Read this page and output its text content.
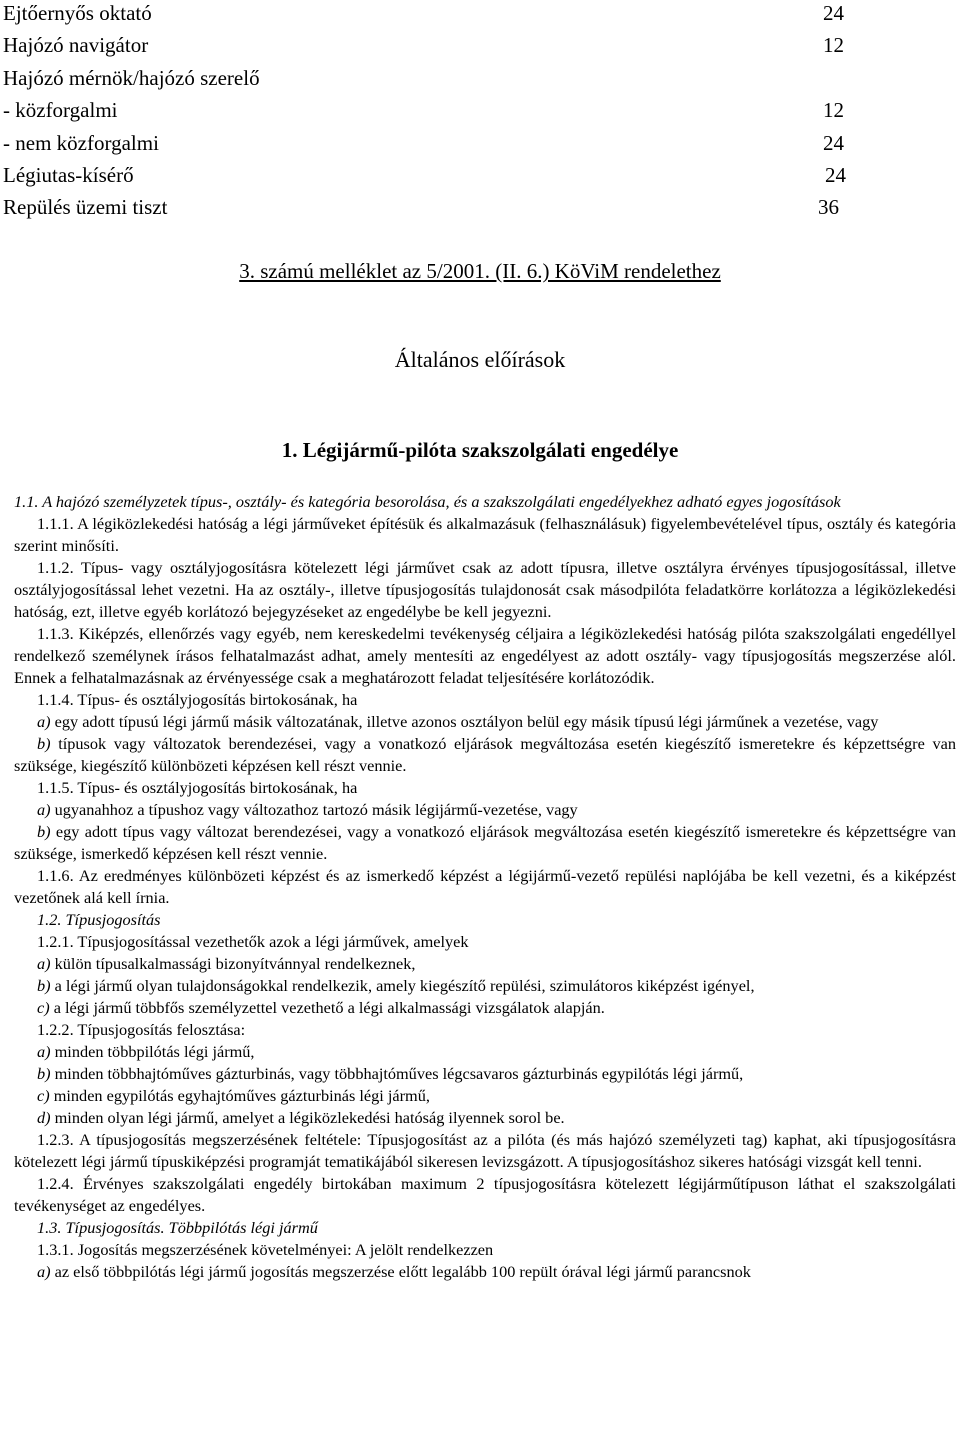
Ejtőernyős oktató	24
Hajózó navigátor	12
Hajózó mérnök/hajózó szerelő
- közforgalmi	12
- nem közforgalmi	24
Légiutas-kísérő	24
Repülés üzemi tiszt	36
3. számú melléklet az 5/2001. (II. 6.) KöViM rendelethez
Általános előírások
1. Légijármű-pilóta szakszolgálati engedélye

1.1. A hajózó személyzetek típus-, osztály- és kategória besorolása, és a szakszolgálati engedélyekhez adható egyes jogosítások

1.1.1. A légiközlekedési hatóság a légi járműveket építésük és alkalmazásuk (felhasználásuk) figyelembevételével típus, osztály és kategória szerint minősíti.

1.1.2. Típus- vagy osztályjogosításra kötelezett légi járművet csak az adott típusra, illetve osztályra érvényes típusjogosítással, illetve osztályjogosítással lehet vezetni. Ha az osztály-, illetve típusjogosítás tulajdonosát csak másodpilóta feladatkörre korlátozza a légiközlekedési hatóság, ezt, illetve egyéb korlátozó bejegyzéseket az engedélybe be kell jegyezni.

1.1.3. Kiképzés, ellenőrzés vagy egyéb, nem kereskedelmi tevékenység céljaira a légiközlekedési hatóság pilóta szakszolgálati engedéllyel rendelkező személynek írásos felhatalmazást adhat, amely mentesíti az engedélyest az adott osztály- vagy típusjogosítás megszerzése alól. Ennek a felhatalmazásnak az érvényessége csak a meghatározott feladat teljesítésére korlátozódik.

1.1.4. Típus- és osztályjogosítás birtokosának, ha

a) egy adott típusú légi jármű másik változatának, illetve azonos osztályon belül egy másik típusú légi járműnek a vezetése, vagy

b) típusok vagy változatok berendezései, vagy a vonatkozó eljárások megváltozása esetén kiegészítő ismeretekre és képzettségre van szüksége, kiegészítő különbözeti képzésen kell részt vennie.

1.1.5. Típus- és osztályjogosítás birtokosának, ha

a) ugyanahhoz a típushoz vagy változathoz tartozó másik légijármű-vezetése, vagy

b) egy adott típus vagy változat berendezései, vagy a vonatkozó eljárások megváltozása esetén kiegészítő ismeretekre és képzettségre van szüksége, ismerkedő képzésen kell részt vennie.

1.1.6. Az eredményes különbözeti képzést és az ismerkedő képzést a légijármű-vezető repülési naplójába be kell vezetni, és a kiképzést vezetőnek alá kell írnia.

1.2. Típusjogosítás

1.2.1. Típusjogosítással vezethetők azok a légi járművek, amelyek

a) külön típusalkalmassági bizonyítvánnyal rendelkeznek,

b) a légi jármű olyan tulajdonságokkal rendelkezik, amely kiegészítő repülési, szimulátoros kiképzést igényel,

c) a légi jármű többfős személyzettel vezethető a légi alkalmassági vizsgálatok alapján.

1.2.2. Típusjogosítás felosztása:

a) minden többpilótás légi jármű,

b) minden többhajtóműves gázturbinás, vagy többhajtóműves légcsavaros gázturbinás egypilótás légi jármű,

c) minden egypilótás egyhajtóműves gázturbinás légi jármű,

d) minden olyan légi jármű, amelyet a légiközlekedési hatóság ilyennek sorol be.

1.2.3. A típusjogosítás megszerzésének feltétele: Típusjogosítást az a pilóta (és más hajózó személyzeti tag) kaphat, aki típusjogosításra kötelezett légi jármű típuskiképzési programját tematikájából sikeresen levizsgázott. A típusjogosításhoz sikeres hatósági vizsgát kell tenni.

1.2.4. Érvényes szakszolgálati engedély birtokában maximum 2 típusjogosításra kötelezett légijárműtípuson láthat el szakszolgálati tevékenységet az engedélyes.

1.3. Típusjogosítás. Többpilótás légi jármű

1.3.1. Jogosítás megszerzésének követelményei: A jelölt rendelkezzen

a) az első többpilótás légi jármű jogosítás megszerzése előtt legalább 100 repült órával légi jármű parancsnok
